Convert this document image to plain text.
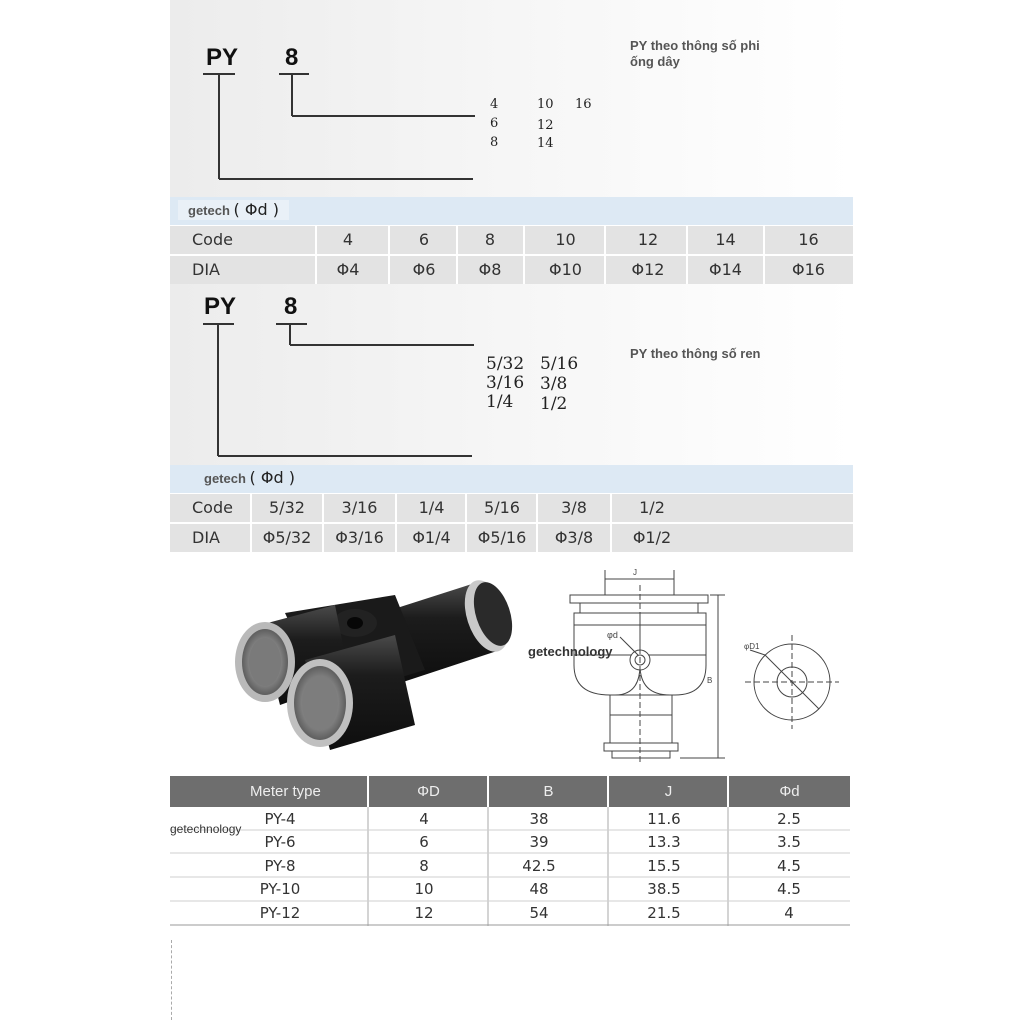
PY 8	PY theo thông số phi
ống dây
4
6
8
10
12
14
16
getech ( Φd )
Code	4	6	8	10	12	14	16
DIA	Φ4	Φ6	Φ8	Φ10	Φ12	Φ14	Φ16
PY 8
PY theo thông số ren
5/32
3/16
1/4
5/16
3/8
1/2
getech ( Φd )
Code	5/32	3/16	1/4	5/16	3/8	1/2
DIA	Φ5/32	Φ3/16	Φ1/4	Φ5/16	Φ3/8	Φ1/2
J
φd
B
φD1
getechnology
Meter type	ΦD	B	J	Φd
PY-4	4	38	11.6	2.5
PY-6	6	39	13.3	3.5
PY-8	8	42.5	15.5	4.5
PY-10	10	48	38.5	4.5
PY-12	12	54	21.5	4
getechnology
